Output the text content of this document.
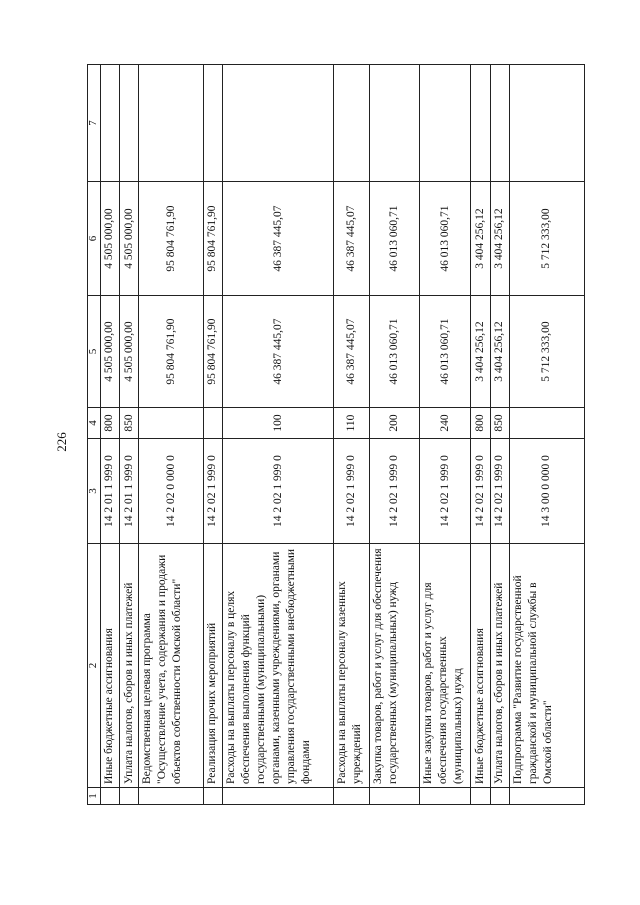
226
1	2	3	4	5	6	7
	Иные бюджетные ассигнования	14 2 01 1 999 0	800	4 505 000,00	4 505 000,00	
	Уплата налогов, сборов и иных платежей	14 2 01 1 999 0	850	4 505 000,00	4 505 000,00	
	Ведомственная целевая программа "Осуществление учета, содержания и продажи объектов собственности Омской области"	14 2 02 0 000 0		95 804 761,90	95 804 761,90	
	Реализация прочих мероприятий	14 2 02 1 999 0		95 804 761,90	95 804 761,90	
	Расходы на выплаты персоналу в целях обеспечения выполнения функций государственными (муниципальными) органами, казенными учреждениями, органами управления государственными внебюджетными фондами	14 2 02 1 999 0	100	46 387 445,07	46 387 445,07	
	Расходы на выплаты персоналу казенных учреждений	14 2 02 1 999 0	110	46 387 445,07	46 387 445,07	
	Закупка товаров, работ и услуг для обеспечения государственных (муниципальных) нужд	14 2 02 1 999 0	200	46 013 060,71	46 013 060,71	
	Иные закупки товаров, работ и услуг для обеспечения государственных (муниципальных) нужд	14 2 02 1 999 0	240	46 013 060,71	46 013 060,71	
	Иные бюджетные ассигнования	14 2 02 1 999 0	800	3 404 256,12	3 404 256,12	
	Уплата налогов, сборов и иных платежей	14 2 02 1 999 0	850	3 404 256,12	3 404 256,12	
	Подпрограмма "Развитие государственной гражданской и муниципальной службы в Омской области"	14 3 00 0 000 0		5 712 333,00	5 712 333,00	
